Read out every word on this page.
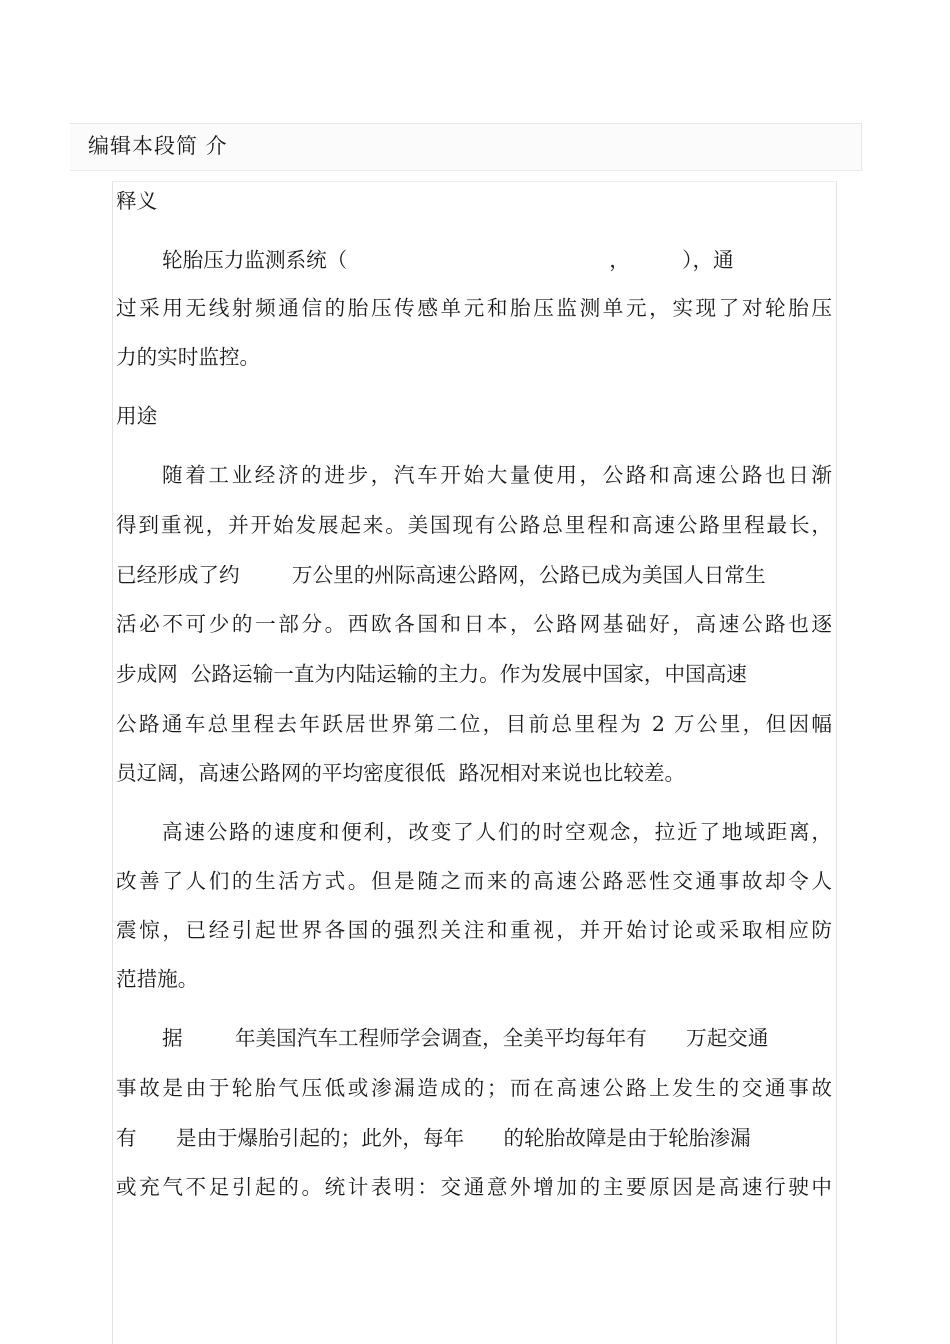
编辑本段简 介
释义
轮胎压力监测系统（                                        ，        ），通
过采用无线射频通信的胎压传感单元和胎压监测单元，实现了对轮胎压
力的实时监控。
用途
随着工业经济的进步，汽车开始大量使用，公路和高速公路也日渐
得到重视，并开始发展起来。美国现有公路总里程和高速公路里程最长，
已经形成了约        万公里的州际高速公路网，公路已成为美国人日常生
活必不可少的一部分。西欧各国和日本，公路网基础好，高速公路也逐
步成网  公路运输一直为内陆运输的主力。作为发展中国家，中国高速
公路通车总里程去年跃居世界第二位，目前总里程为 2 万公里，但因幅
员辽阔，高速公路网的平均密度很低  路况相对来说也比较差。
高速公路的速度和便利，改变了人们的时空观念，拉近了地域距离，
改善了人们的生活方式。但是随之而来的高速公路恶性交通事故却令人
震惊，已经引起世界各国的强烈关注和重视，并开始讨论或采取相应防
范措施。
据        年美国汽车工程师学会调查，全美平均每年有      万起交通
事故是由于轮胎气压低或渗漏造成的；而在高速公路上发生的交通事故
有      是由于爆胎引起的；此外，每年      的轮胎故障是由于轮胎渗漏
或充气不足引起的。统计表明：交通意外增加的主要原因是高速行驶中
